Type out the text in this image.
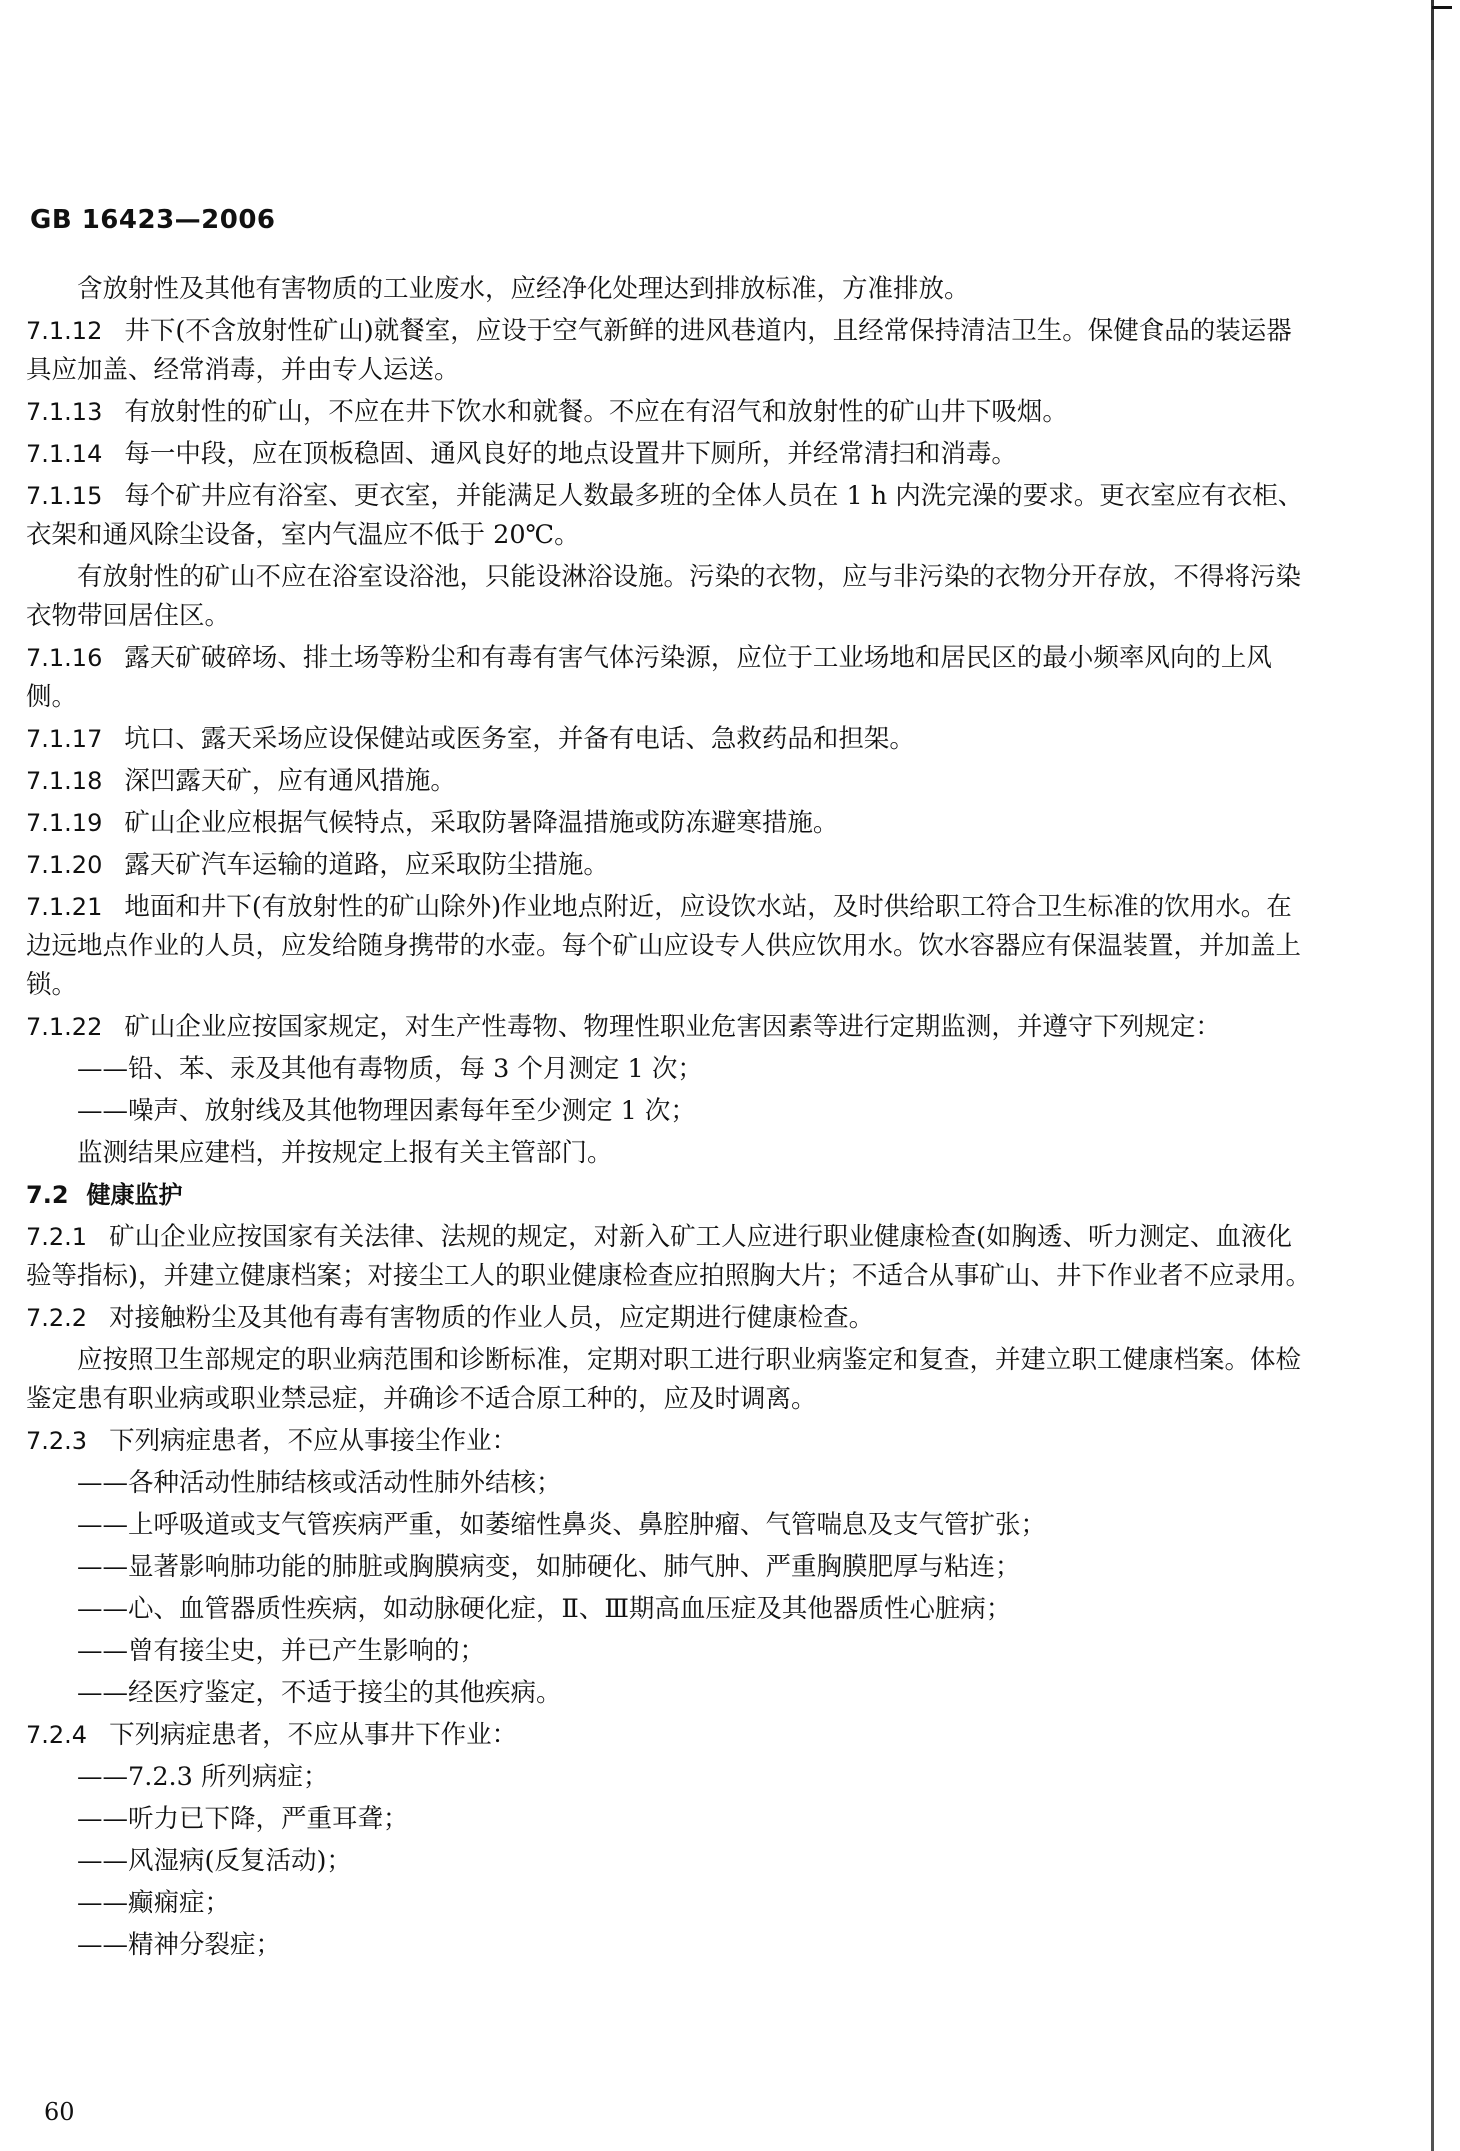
GB 16423—2006

含放射性及其他有害物质的工业废水，应经净化处理达到排放标准，方准排放。

7.1.12 井下(不含放射性矿山)就餐室，应设于空气新鲜的进风巷道内，且经常保持清洁卫生。保健食品的装运器具应加盖、经常消毒，并由专人运送。

7.1.13 有放射性的矿山，不应在井下饮水和就餐。不应在有沼气和放射性的矿山井下吸烟。

7.1.14 每一中段，应在顶板稳固、通风良好的地点设置井下厕所，并经常清扫和消毒。

7.1.15 每个矿井应有浴室、更衣室，并能满足人数最多班的全体人员在 1 h 内洗完澡的要求。更衣室应有衣柜、衣架和通风除尘设备，室内气温应不低于 20℃。

有放射性的矿山不应在浴室设浴池，只能设淋浴设施。污染的衣物，应与非污染的衣物分开存放，不得将污染衣物带回居住区。

7.1.16 露天矿破碎场、排土场等粉尘和有毒有害气体污染源，应位于工业场地和居民区的最小频率风向的上风侧。

7.1.17 坑口、露天采场应设保健站或医务室，并备有电话、急救药品和担架。

7.1.18 深凹露天矿，应有通风措施。

7.1.19 矿山企业应根据气候特点，采取防暑降温措施或防冻避寒措施。

7.1.20 露天矿汽车运输的道路，应采取防尘措施。

7.1.21 地面和井下(有放射性的矿山除外)作业地点附近，应设饮水站，及时供给职工符合卫生标准的饮用水。在边远地点作业的人员，应发给随身携带的水壶。每个矿山应设专人供应饮用水。饮水容器应有保温装置，并加盖上锁。

7.1.22 矿山企业应按国家规定，对生产性毒物、物理性职业危害因素等进行定期监测，并遵守下列规定：

——铅、苯、汞及其他有毒物质，每 3 个月测定 1 次；

——噪声、放射线及其他物理因素每年至少测定 1 次；

监测结果应建档，并按规定上报有关主管部门。

7.2 健康监护

7.2.1 矿山企业应按国家有关法律、法规的规定，对新入矿工人应进行职业健康检查(如胸透、听力测定、血液化验等指标)，并建立健康档案；对接尘工人的职业健康检查应拍照胸大片；不适合从事矿山、井下作业者不应录用。

7.2.2 对接触粉尘及其他有毒有害物质的作业人员，应定期进行健康检查。

应按照卫生部规定的职业病范围和诊断标准，定期对职工进行职业病鉴定和复查，并建立职工健康档案。体检鉴定患有职业病或职业禁忌症，并确诊不适合原工种的，应及时调离。

7.2.3 下列病症患者，不应从事接尘作业：

——各种活动性肺结核或活动性肺外结核；

——上呼吸道或支气管疾病严重，如萎缩性鼻炎、鼻腔肿瘤、气管喘息及支气管扩张；

——显著影响肺功能的肺脏或胸膜病变，如肺硬化、肺气肿、严重胸膜肥厚与粘连；

——心、血管器质性疾病，如动脉硬化症，Ⅱ、Ⅲ期高血压症及其他器质性心脏病；

——曾有接尘史，并已产生影响的；

——经医疗鉴定，不适于接尘的其他疾病。

7.2.4 下列病症患者，不应从事井下作业：

——7.2.3 所列病症；

——听力已下降，严重耳聋；

——风湿病(反复活动)；

——癫痫症；

——精神分裂症；

60
